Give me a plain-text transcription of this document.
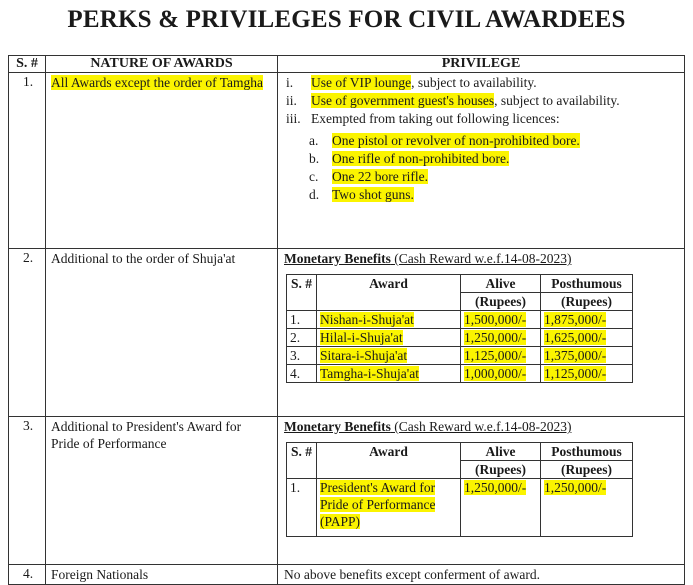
PERKS & PRIVILEGES FOR CIVIL AWARDEES
S. #	NATURE OF AWARDS	PRIVILEGE
1.	All Awards except the order of Tamgha	i. Use of VIP lounge, subject to availability.
ii. Use of government guest's houses, subject to availability.
iii. Exempted from taking out following licences:
a. One pistol or revolver of non-prohibited bore.
b. One rifle of non-prohibited bore.
c. One 22 bore rifle.
d. Two shot guns.

2.	Additional to the order of Shuja'at	Monetary Benefits (Cash Reward w.e.f.14-08-2023)
S. #	Award	Alive	Posthumous
(Rupees)	(Rupees)
1.	Nishan-i-Shuja'at	1,500,000/-	1,875,000/-
2.	Hilal-i-Shuja'at	1,250,000/-	1,625,000/-
3.	Sitara-i-Shuja'at	1,125,000/-	1,375,000/-
4.	Tamgha-i-Shuja'at	1,000,000/-	1,125,000/-

3.	Additional to President's Award for Pride of Performance	
Monetary Benefits (Cash Reward w.e.f.14-08-2023)
S. #	Award	Alive	Posthumous
(Rupees)	(Rupees)
1.	President's Award for Pride of Performance (PAPP)	1,250,000/-	1,250,000/-

4.	Foreign Nationals	No above benefits except conferment of award.
